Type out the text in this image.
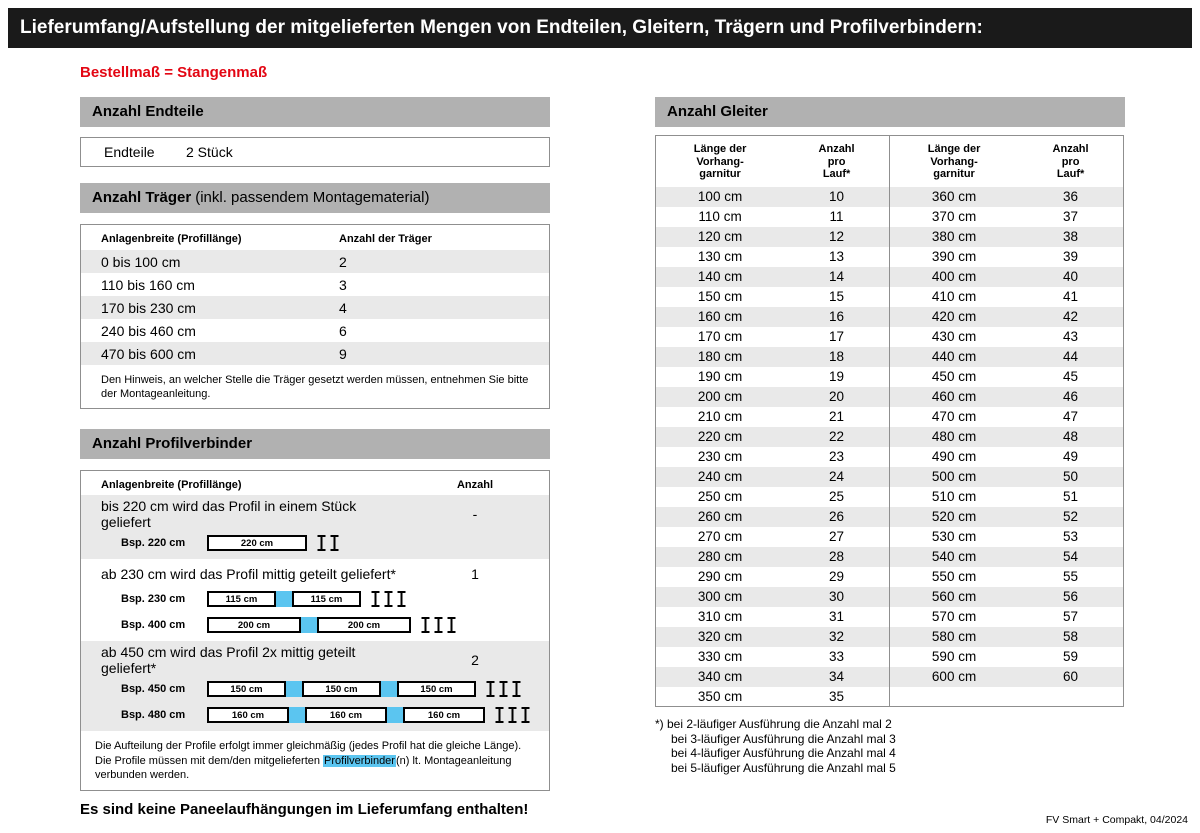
Lieferumfang/Aufstellung der mitgelieferten Mengen von Endteilen, Gleitern, Trägern und Profilverbindern:
Bestellmaß = Stangenmaß
Anzahl Endteile
Endteile	2 Stück
Anzahl Träger (inkl. passendem Montagematerial)
Anlagenbreite (Profillänge)	Anzahl der Träger
0 bis 100 cm	2
110 bis 160 cm	3
170 bis 230 cm	4
240 bis 460 cm	6
470 bis 600 cm	9
Den Hinweis, an welcher Stelle die Träger gesetzt werden müssen, entnehmen Sie bitte der Montageanleitung.
Anzahl Profilverbinder
Anlagenbreite (Profillänge)	Anzahl
bis 220 cm wird das Profil in einem Stück geliefert	-
Bsp. 220 cm	220 cm
ab 230 cm wird das Profil mittig geteilt geliefert*	1
Bsp. 230 cm	115 cm	115 cm
Bsp. 400 cm	200 cm	200 cm
ab 450 cm wird das Profil 2x mittig geteilt geliefert*	2
Bsp. 450 cm	150 cm	150 cm	150 cm
Bsp. 480 cm	160 cm	160 cm	160 cm
Die Aufteilung der Profile erfolgt immer gleichmäßig (jedes Profil hat die gleiche Länge). Die Profile müssen mit dem/den mitgelieferten Profilverbinder(n) lt. Montageanleitung verbunden werden.
Es sind keine Paneelaufhängungen im Lieferumfang enthalten!
Anzahl Gleiter
Länge der
Vorhang-
garnitur
Anzahl
pro
Lauf*
100 cm	10
110 cm	11
120 cm	12
130 cm	13
140 cm	14
150 cm	15
160 cm	16
170 cm	17
180 cm	18
190 cm	19
200 cm	20
210 cm	21
220 cm	22
230 cm	23
240 cm	24
250 cm	25
260 cm	26
270 cm	27
280 cm	28
290 cm	29
300 cm	30
310 cm	31
320 cm	32
330 cm	33
340 cm	34
350 cm	35
Länge der
Vorhang-
garnitur
Anzahl
pro
Lauf*
360 cm	36
370 cm	37
380 cm	38
390 cm	39
400 cm	40
410 cm	41
420 cm	42
430 cm	43
440 cm	44
450 cm	45
460 cm	46
470 cm	47
480 cm	48
490 cm	49
500 cm	50
510 cm	51
520 cm	52
530 cm	53
540 cm	54
550 cm	55
560 cm	56
570 cm	57
580 cm	58
590 cm	59
600 cm	60
*) bei 2-läufiger Ausführung die Anzahl mal 2
bei 3-läufiger Ausführung die Anzahl mal 3
bei 4-läufiger Ausführung die Anzahl mal 4
bei 5-läufiger Ausführung die Anzahl mal 5
FV Smart + Compakt, 04/2024
